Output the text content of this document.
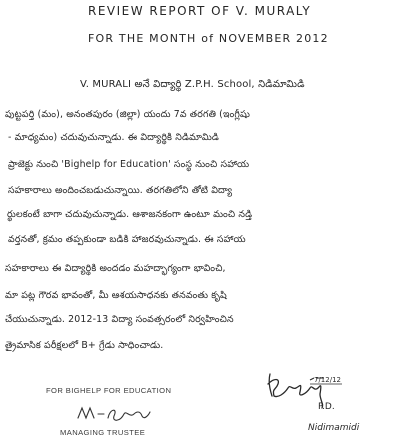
REVIEW REPORT OF V. MURALY
FOR THE MONTH of NOVEMBER 2012
V. MURALI అనే విద్యార్థి Z.P.H. School, నిడిమామిడి
పుట్టపర్తి (మం), అనంతపురం (జిల్లా) యందు 7వ తరగతి (ఇంగ్లీషు
- మాధ్యమం) చదువుచున్నాడు. ఈ విద్యార్థికి నిడిమామిడి
ప్రాజెక్టు నుంచి 'Bighelp for Education' సంస్థ నుంచి సహాయ
సహకారాలు అందించబడుచున్నాయి. తరగతిలోని తోటి విద్యా
ర్థులకంటే బాగా చదువుచున్నాడు. ఆశాజనకంగా ఉంటూ మంచి నడ్తి
వర్తనతో, క్రమం తప్పకుండా బడికి హాజరవుచున్నాడు. ఈ సహాయ
సహకారాలు ఈ విద్యార్థికి అందడం మహద్భాగ్యంగా భావించి,
మా పట్ల గౌరవ భావంతో, మీ ఆశయసాధనకు తనవంతు కృషి
చేయుచున్నాడు. 2012-13 విద్యా సంవత్సరంలో నిర్వహించిన
త్రైమాసిక పరీక్షలలో B+ గ్రేడు సాధించాడు.
7/12/12
P.D.
Nidimamidi
FOR BIGHELP FOR EDUCATION
MANAGING TRUSTEE
